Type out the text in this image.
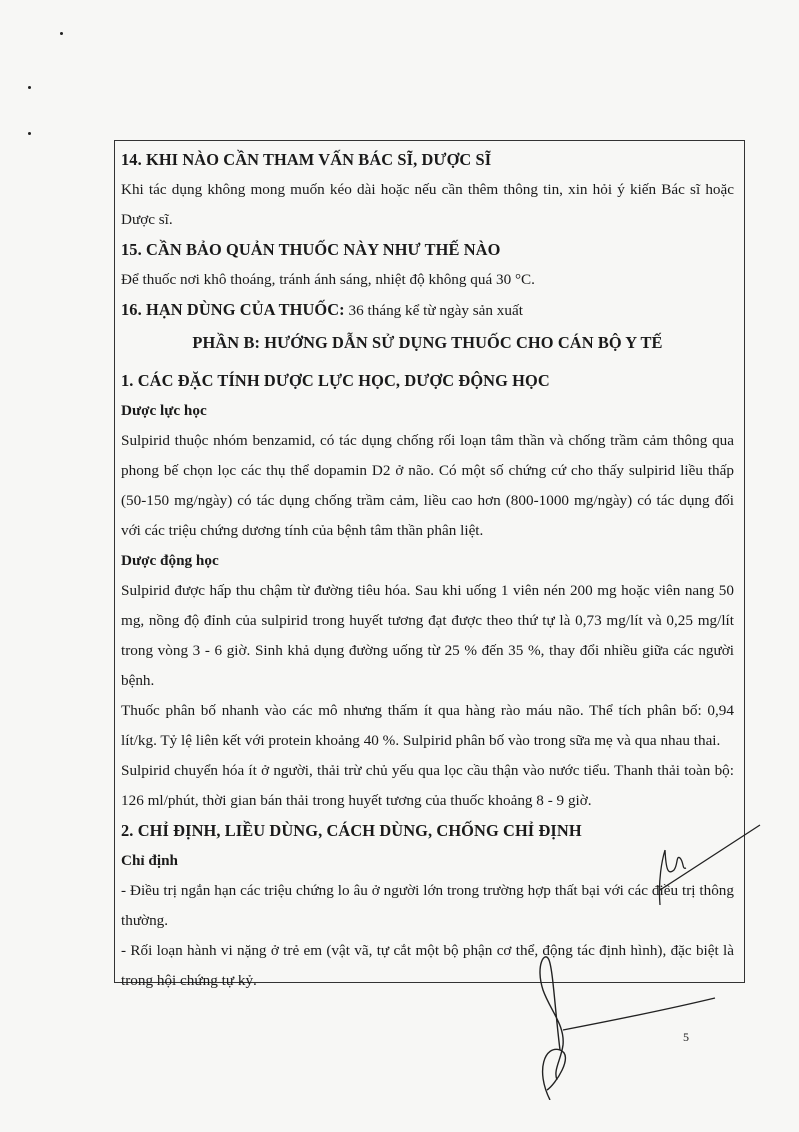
14. KHI NÀO CẦN THAM VẤN BÁC SĨ, DƯỢC SĨ
Khi tác dụng không mong muốn kéo dài hoặc nếu cần thêm thông tin, xin hỏi ý kiến Bác sĩ hoặc Dược sĩ.
15. CẦN BẢO QUẢN THUỐC NÀY NHƯ THẾ NÀO
Để thuốc nơi khô thoáng, tránh ánh sáng, nhiệt độ không quá 30 °C.
16. HẠN DÙNG CỦA THUỐC: 36 tháng kể từ ngày sản xuất
PHẦN B: HƯỚNG DẪN SỬ DỤNG THUỐC CHO CÁN BỘ Y TẾ
1. CÁC ĐẶC TÍNH DƯỢC LỰC HỌC, DƯỢC ĐỘNG HỌC
Dược lực học
Sulpirid thuộc nhóm benzamid, có tác dụng chống rối loạn tâm thần và chống trầm cảm thông qua phong bế chọn lọc các thụ thể dopamin D2 ở não. Có một số chứng cứ cho thấy sulpirid liều thấp (50-150 mg/ngày) có tác dụng chống trầm cảm, liều cao hơn (800-1000 mg/ngày) có tác dụng đối với các triệu chứng dương tính của bệnh tâm thần phân liệt.
Dược động học
Sulpirid được hấp thu chậm từ đường tiêu hóa. Sau khi uống 1 viên nén 200 mg hoặc viên nang 50 mg, nồng độ đỉnh của sulpirid trong huyết tương đạt được theo thứ tự là 0,73 mg/lít và 0,25 mg/lít trong vòng 3 - 6 giờ. Sinh khả dụng đường uống từ 25 % đến 35 %, thay đổi nhiều giữa các người bệnh.
Thuốc phân bố nhanh vào các mô nhưng thấm ít qua hàng rào máu não. Thể tích phân bố: 0,94 lít/kg. Tỷ lệ liên kết với protein khoảng 40 %. Sulpirid phân bố vào trong sữa mẹ và qua nhau thai.
Sulpirid chuyển hóa ít ở người, thải trừ chủ yếu qua lọc cầu thận vào nước tiểu. Thanh thải toàn bộ: 126 ml/phút, thời gian bán thải trong huyết tương của thuốc khoảng 8 - 9 giờ.
2. CHỈ ĐỊNH, LIỀU DÙNG, CÁCH DÙNG, CHỐNG CHỈ ĐỊNH
Chỉ định
- Điều trị ngắn hạn các triệu chứng lo âu ở người lớn trong trường hợp thất bại với các điều trị thông thường.
- Rối loạn hành vi nặng ở trẻ em (vật vã, tự cắt một bộ phận cơ thể, động tác định hình), đặc biệt là trong hội chứng tự kỷ.
5
